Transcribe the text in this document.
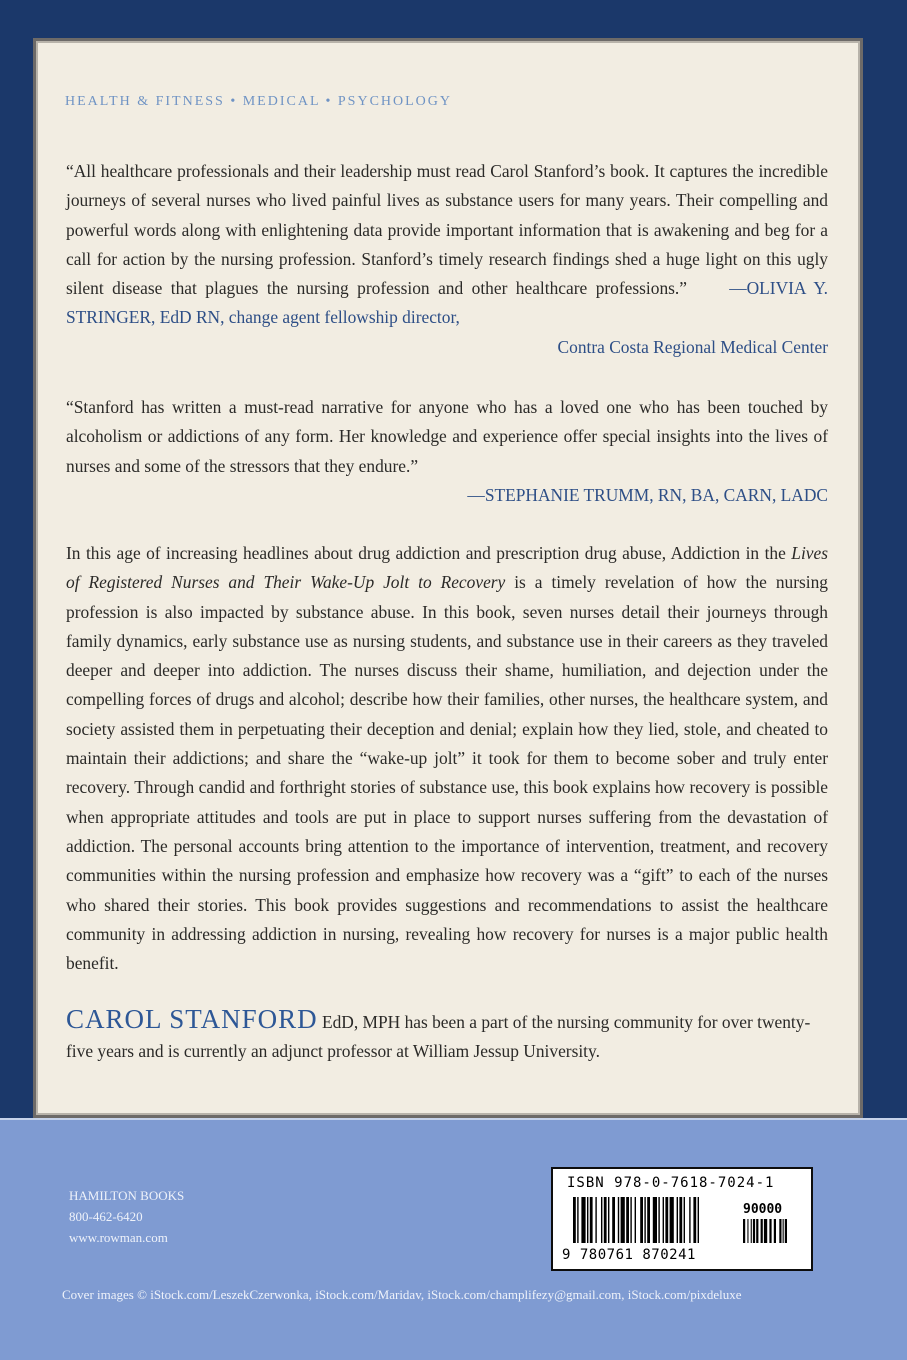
HEALTH & FITNESS • MEDICAL • PSYCHOLOGY

“All healthcare professionals and their leadership must read Carol Stanford’s book. It captures the incredible journeys of several nurses who lived painful lives as substance users for many years. Their compelling and powerful words along with enlightening data provide important information that is awakening and beg for a call for action by the nursing profession. Stanford’s timely research findings shed a huge light on this ugly silent disease that plagues the nursing profession and other healthcare professions.” —OLIVIA Y. STRINGER, EdD RN, change agent fellowship director,
Contra Costa Regional Medical Center

“Stanford has written a must-read narrative for anyone who has a loved one who has been touched by alcoholism or addictions of any form. Her knowledge and experience offer special insights into the lives of nurses and some of the stressors that they endure.”
—STEPHANIE TRUMM, RN, BA, CARN, LADC

In this age of increasing headlines about drug addiction and prescription drug abuse, Addiction in the Lives of Registered Nurses and Their Wake-Up Jolt to Recovery is a timely revelation of how the nursing profession is also impacted by substance abuse. In this book, seven nurses detail their journeys through family dynamics, early substance use as nursing students, and substance use in their careers as they traveled deeper and deeper into addiction. The nurses discuss their shame, humiliation, and dejection under the compelling forces of drugs and alcohol; describe how their families, other nurses, the healthcare system, and society assisted them in perpetuating their deception and denial; explain how they lied, stole, and cheated to maintain their addictions; and share the “wake-up jolt” it took for them to become sober and truly enter recovery. Through candid and forthright stories of substance use, this book explains how recovery is possible when appropriate attitudes and tools are put in place to support nurses suffering from the devastation of addiction. The personal accounts bring attention to the importance of intervention, treatment, and recovery communities within the nursing profession and emphasize how recovery was a “gift” to each of the nurses who shared their stories. This book provides suggestions and recommendations to assist the healthcare community in addressing addiction in nursing, revealing how recovery for nurses is a major public health benefit.

CAROL STANFORD EdD, MPH has been a part of the nursing community for over twenty-five years and is currently an adjunct professor at William Jessup University.

HAMILTON BOOKS
800-462-6420
www.rowman.com
ISBN 978-0-7618-7024-1
90000
9 780761 870241
Cover images © iStock.com/LeszekCzerwonka, iStock.com/Maridav, iStock.com/champlifezy@gmail.com, iStock.com/pixdeluxe
